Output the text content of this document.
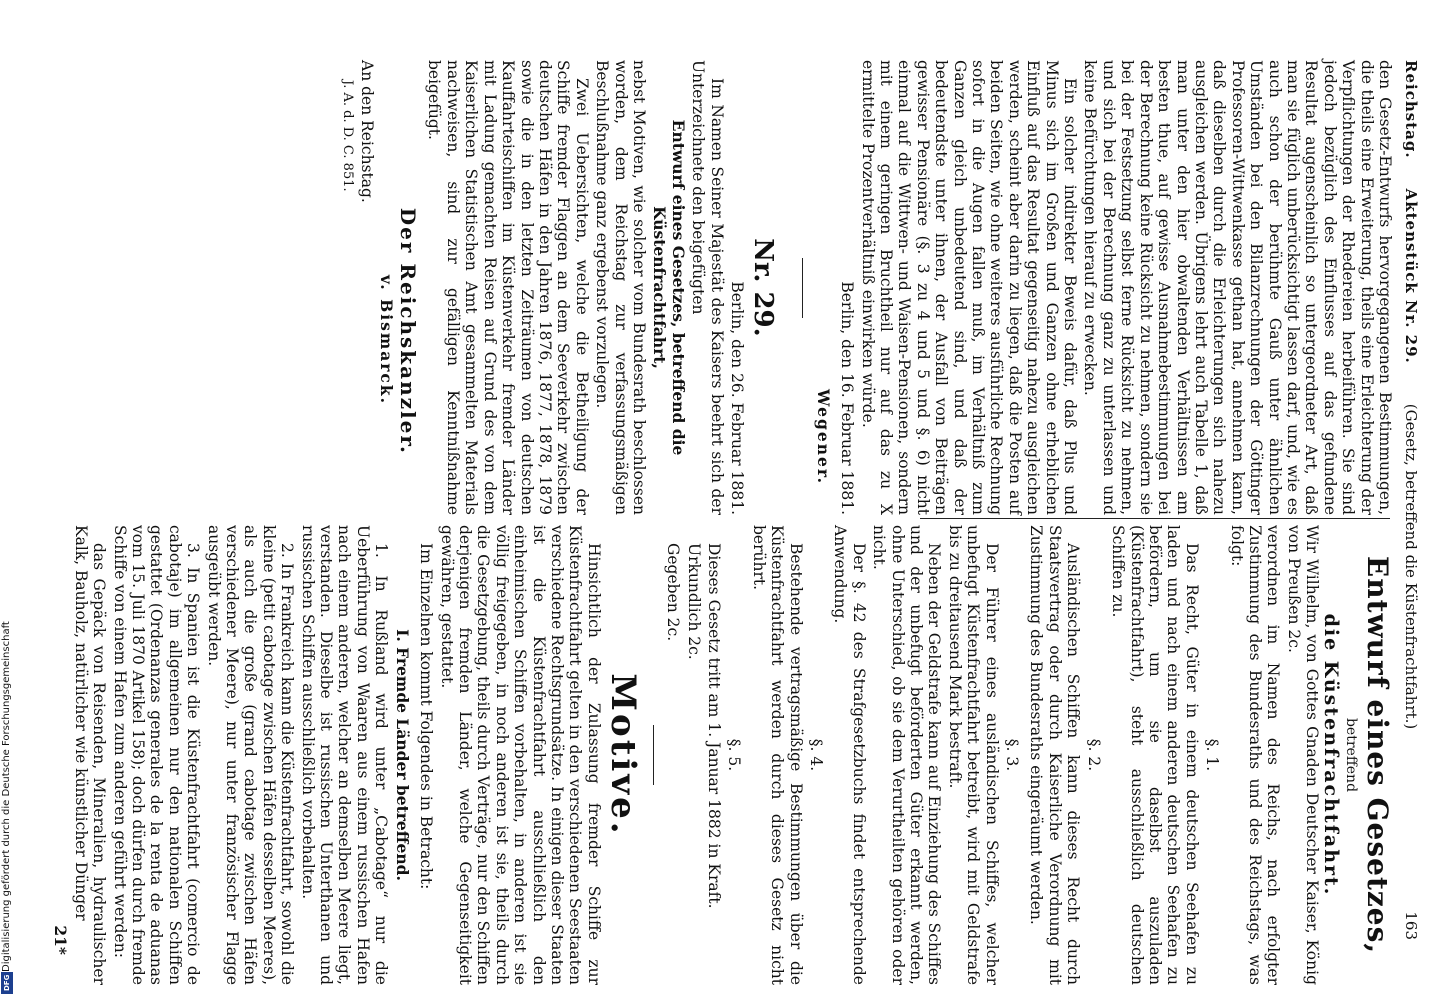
Digitalisierung gefördert durch die Deutsche Forschungsgemeinschaft
DFG
Reichstag.
Aktenstück Nr. 29.
(Gesetz, betreffend die Küstenfrachtfahrt.)
163

den Gesetz-Entwurfs hervorgegangenen Bestimmungen, die theils eine Erweiterung, theils eine Erleichterung der Verpflichtungen der Rhedereien herbeiführen. Sie sind jedoch bezüglich des Einflusses auf das gefundene Resultat augenscheinlich so untergeordneter Art, daß man sie füglich unberücksichtigt lassen darf, und, wie es auch schon der berühmte Gauß unter ähnlichen Umständen bei den Bilanzrechnungen der Göttinger Professoren-Wittwenkasse gethan hat, annehmen kann, daß dieselben durch die Erleichterungen sich nahezu ausgleichen werden. Übrigens lehrt auch Tabelle 1, daß man unter den hier obwaltenden Verhältnissen am besten thue, auf gewisse Ausnahmebestimmungen bei der Berechnung keine Rücksicht zu nehmen, sondern sie bei der Festsetzung selbst ferne Rücksicht zu nehmen, und sich bei der Berechnung ganz zu unterlassen und keine Befürchtungen hierauf zu erwecken.

Ein solcher indirekter Beweis dafür, daß Plus und Minus sich im Großen und Ganzen ohne erheblichen Einfluß auf das Resultat gegenseitig nahezu ausgleichen werden, scheint aber darin zu liegen, daß die Posten auf beiden Seiten, wie ohne weiteres ausführliche Rechnung sofort in die Augen fallen muß, im Verhältniß zum Ganzen gleich unbedeutend sind, und daß der bedeutendste unter ihnen, der Ausfall von Beiträgen gewisser Pensionäre (§. 3 zu 4 und 5 und §. 6) nicht einmal auf die Wittwen- und Waisen-Pensionen, sondern mit einem geringen Bruchtheil nur auf das zu X ermittelte Prozentverhältniß einwirken würde.

Berlin, den 16. Februar 1881.

Wegener.
Nr. 29.

Berlin, den 26. Februar 1881.

Im Namen Seiner Majestät des Kaisers beehrt sich der Unterzeichnete den beigefügten

Entwurf eines Gesetzes, betreffend die Küstenfrachtfahrt,

nebst Motiven, wie solcher vom Bundesrath beschlossen worden, dem Reichstag zur verfassungsmäßigen Beschlußnahme ganz ergebenst vorzulegen.

Zwei Uebersichten, welche die Betheiligung der Schiffe fremder Flaggen an dem Seeverkehr zwischen deutschen Häfen in den Jahren 1876, 1877, 1878, 1879 sowie die in den letzten Zeiträumen von deutschen Kauffahrteischiffen im Küstenverkehr fremder Länder mit Ladung gemachten Reisen auf Grund des von dem Kaiserlichen Statistischen Amt gesammelten Materials nachweisen, sind zur gefälligen Kenntnißnahme beigefügt.

Der Reichskanzler.
v. Bismarck.

An den Reichstag.

J. A. d. D. C. 851.

Entwurf eines Gesetzes,
betreffend
die Küstenfrachtfahrt.

Wir Wilhelm, von Gottes Gnaden Deutscher Kaiser, König von Preußen 2c.

verordnen im Namen des Reichs, nach erfolgter Zustimmung des Bundesraths und des Reichstags, was folgt:

§. 1.

Das Recht, Güter in einem deutschen Seehafen zu laden und nach einem anderen deutschen Seehafen zu befördern, um sie daselbst auszuladen (Küstenfrachtfahrt), steht ausschließlich deutschen Schiffen zu.

§. 2.

Ausländischen Schiffen kann dieses Recht durch Staatsvertrag oder durch Kaiserliche Verordnung mit Zustimmung des Bundesraths eingeräumt werden.

§. 3.

Der Führer eines ausländischen Schiffes, welcher unbefugt Küstenfrachtfahrt betreibt, wird mit Geldstrafe bis zu dreitausend Mark bestraft.

Neben der Geldstrafe kann auf Einziehung des Schiffes und der unbefugt beförderten Güter erkannt werden, ohne Unterschied, ob sie dem Verurtheilten gehören oder nicht.

Der §. 42 des Strafgesetzbuchs findet entsprechende Anwendung.

§. 4.

Bestehende vertragsmäßige Bestimmungen über die Küstenfrachtfahrt werden durch dieses Gesetz nicht berührt.

§. 5.

Dieses Gesetz tritt am 1. Januar 1882 in Kraft.

Urkundlich 2c.

Gegeben 2c.

Motive.

Hinsichtlich der Zulassung fremder Schiffe zur Küstenfrachtfahrt gelten in den verschiedenen Seestaaten verschiedene Rechtsgrundsätze. In einigen dieser Staaten ist die Küstenfrachtfahrt ausschließlich den einheimischen Schiffen vorbehalten, in anderen ist sie völlig freigegeben, in noch anderen ist sie, theils durch die Gesetzgebung, theils durch Verträge, nur den Schiffen derjenigen fremden Länder, welche Gegenseitigkeit gewähren, gestattet.

Im Einzelnen kommt Folgendes in Betracht:

I. Fremde Länder betreffend.

1. In Rußland wird unter „Cabotage“ nur die Ueberführung von Waaren aus einem russischen Hafen nach einem anderen, welcher an demselben Meere liegt, verstanden. Dieselbe ist russischen Unterthanen und russischen Schiffen ausschließlich vorbehalten.

2. In Frankreich kann die Küstenfrachtfahrt, sowohl die kleine (petit cabotage zwischen Häfen desselben Meeres), als auch die große (grand cabotage zwischen Häfen verschiedener Meere), nur unter französischer Flagge ausgeübt werden.

3. In Spanien ist die Küstenfrachtfahrt (comercio de cabotaje) im allgemeinen nur den nationalen Schiffen gestattet (Ordenanzas generales de la renta de aduanas vom 15. Juli 1870 Artikel 158); doch dürfen durch fremde Schiffe von einem Hafen zum anderen geführt werden:

das Gepäck von Reisenden, Mineralien, hydraulischer Kalk, Bauholz, natürlicher wie künstlicher Dünger

21*
